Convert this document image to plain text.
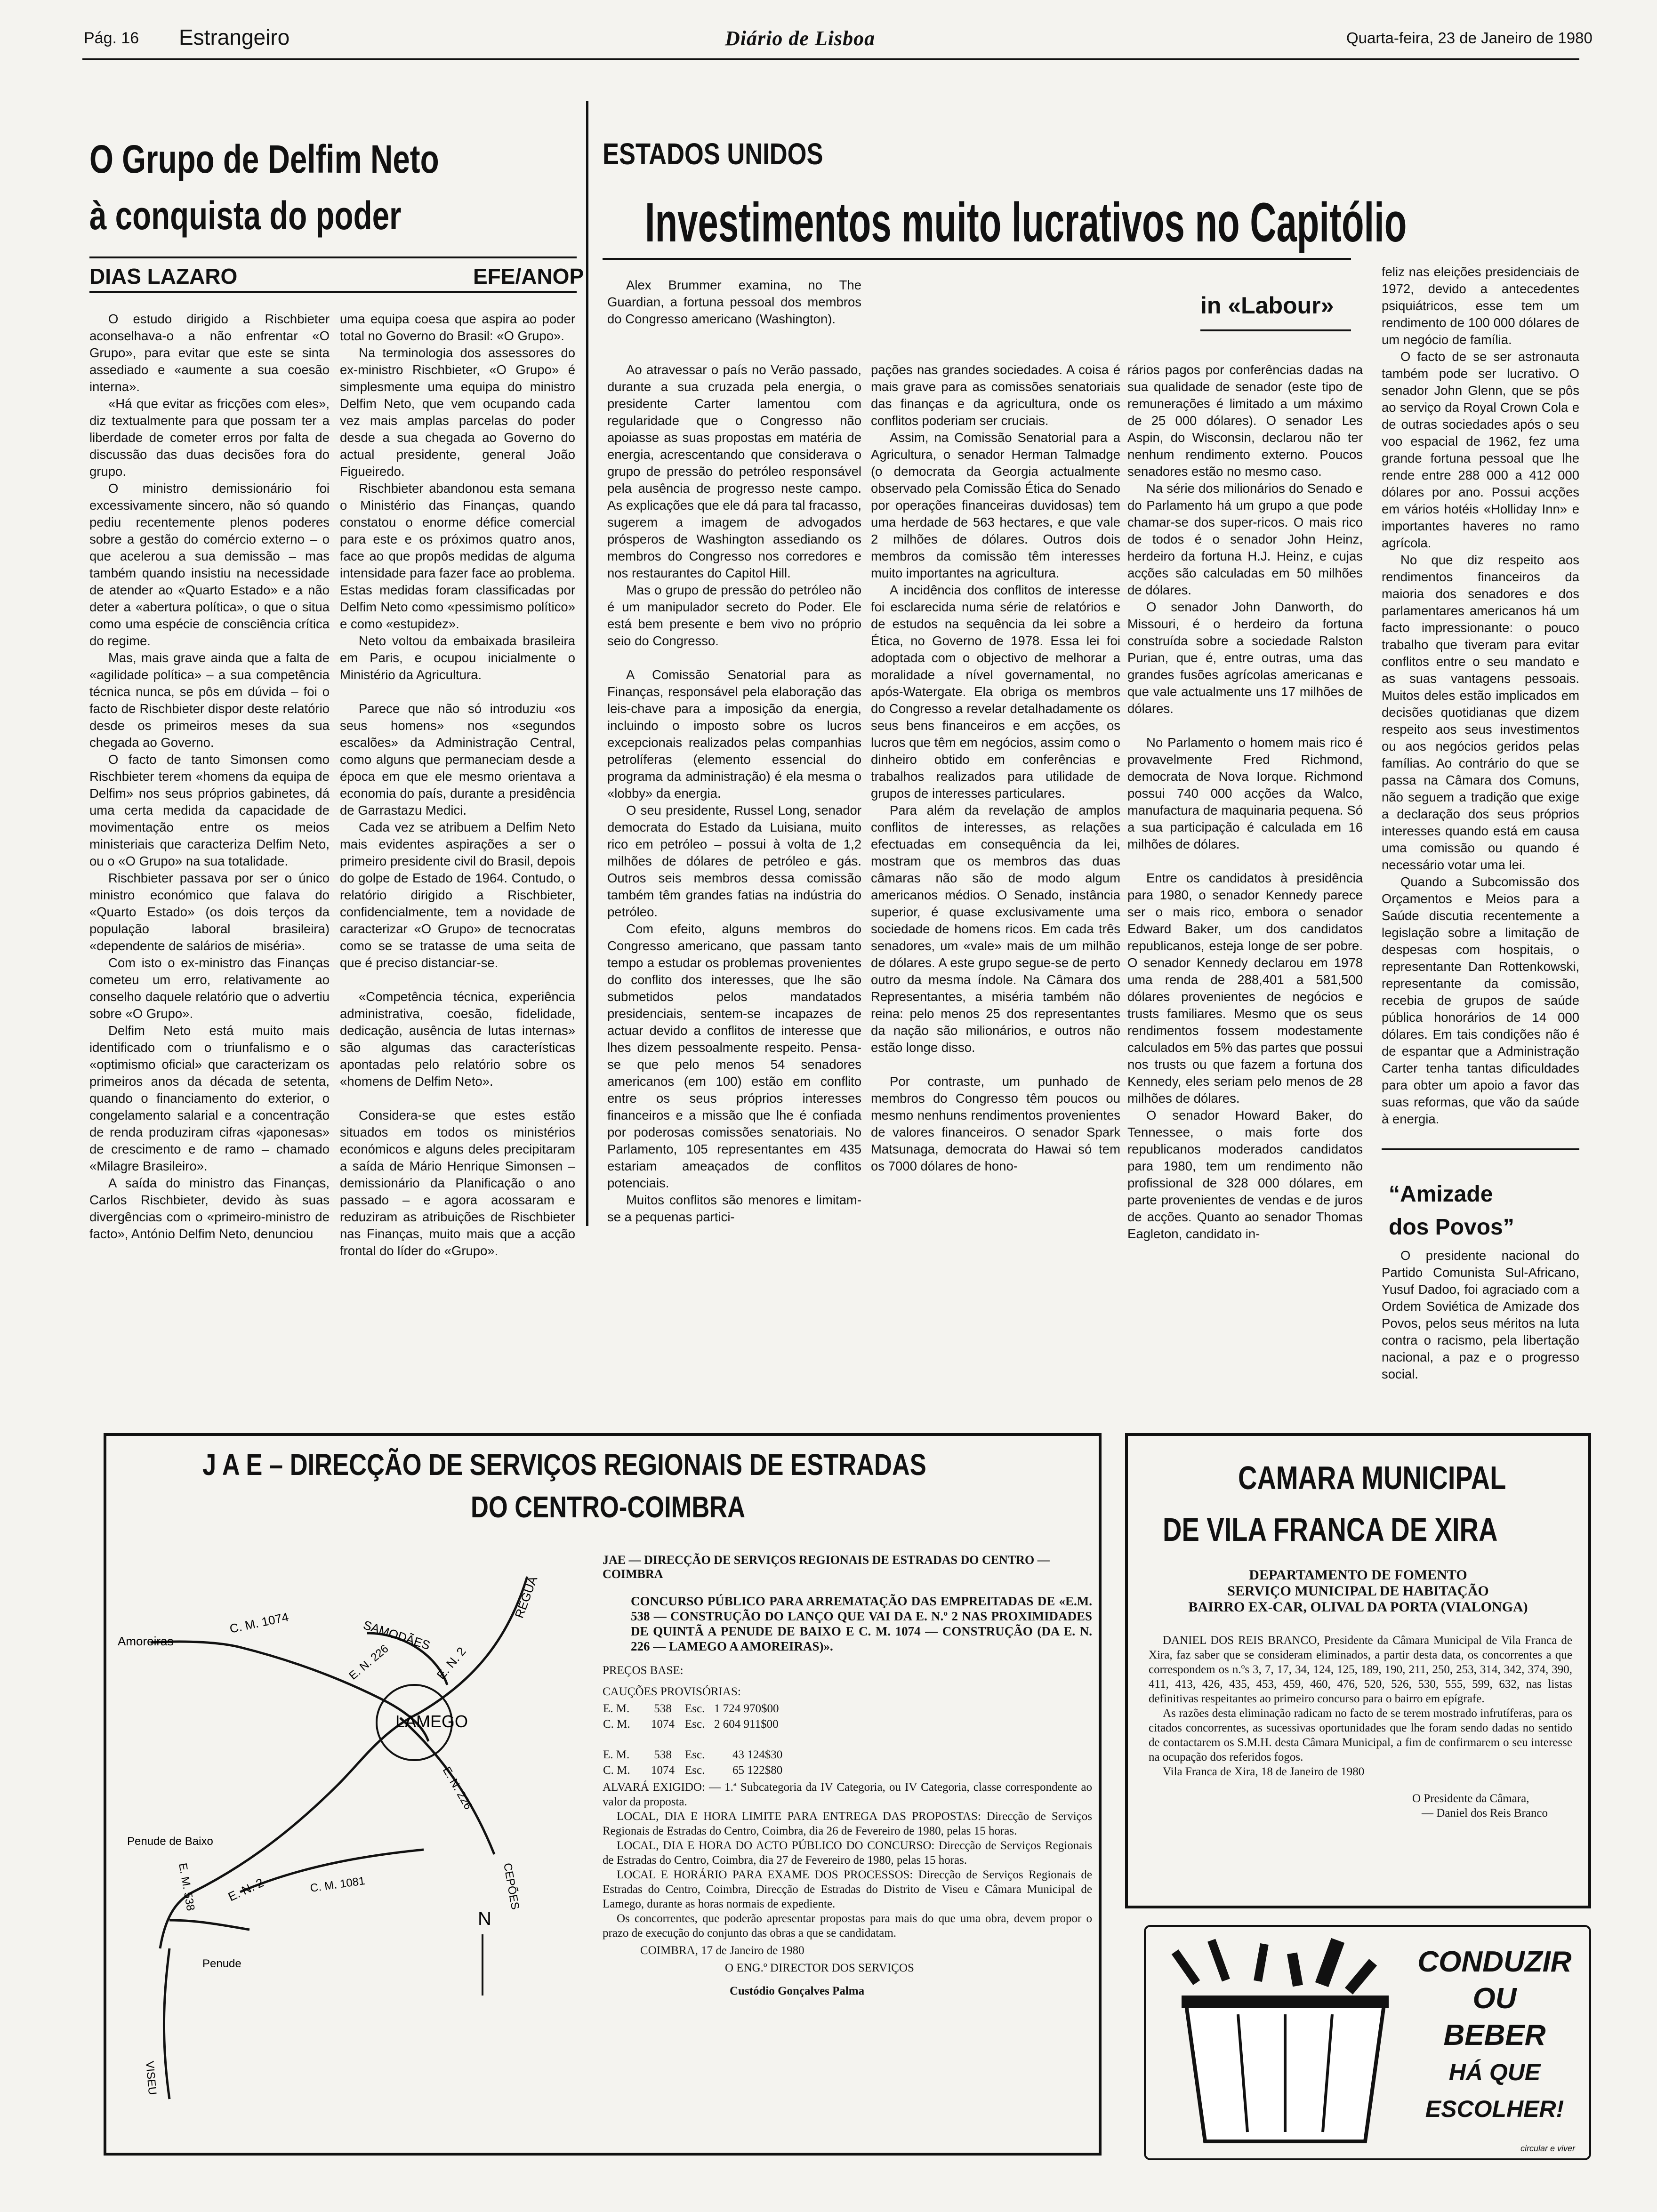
Pág. 16 Estrangeiro	Diário de Lisboa	Quarta-feira, 23 de Janeiro de 1980
O Grupo de Delfim Neto
à conquista do poder
DIAS LAZARO	EFE/ANOP

O estudo dirigido a Rischbieter aconselhava-o a não enfrentar «O Grupo», para evitar que este se sinta assediado e «aumente a sua coesão interna».

«Há que evitar as fricções com eles», diz textualmente para que possam ter a liberdade de cometer erros por falta de discussão das duas decisões fora do grupo.

O ministro demissionário foi excessivamente sincero, não só quando pediu recentemente plenos poderes sobre a gestão do comércio externo – o que acelerou a sua demissão – mas também quando insistiu na necessidade de atender ao «Quarto Estado» e a não deter a «abertura política», o que o situa como uma espécie de consciência crítica do regime.

Mas, mais grave ainda que a falta de «agilidade política» – a sua competência técnica nunca, se pôs em dúvida – foi o facto de Rischbieter dispor deste relatório desde os primeiros meses da sua chegada ao Governo.

O facto de tanto Simonsen como Rischbieter terem «homens da equipa de Delfim» nos seus próprios gabinetes, dá uma certa medida da capacidade de movimentação entre os meios ministeriais que caracteriza Delfim Neto, ou o «O Grupo» na sua totalidade.

Rischbieter passava por ser o único ministro económico que falava do «Quarto Estado» (os dois terços da população laboral brasileira) «dependente de salários de miséria».

Com isto o ex-ministro das Finanças cometeu um erro, relativamente ao conselho daquele relatório que o advertiu sobre «O Grupo».

Delfim Neto está muito mais identificado com o triunfalismo e o «optimismo oficial» que caracterizam os primeiros anos da década de setenta, quando o financiamento do exterior, o congelamento salarial e a concentração de renda produziram cifras «japonesas» de crescimento e de ramo – chamado «Milagre Brasileiro».

A saída do ministro das Finanças, Carlos Rischbieter, devido às suas divergências com o «primeiro-ministro de facto», António Delfim Neto, denunciou

uma equipa coesa que aspira ao poder total no Governo do Brasil: «O Grupo».

Na terminologia dos assessores do ex-ministro Rischbieter, «O Grupo» é simplesmente uma equipa do ministro Delfim Neto, que vem ocupando cada vez mais amplas parcelas do poder desde a sua chegada ao Governo do actual presidente, general João Figueiredo.

Rischbieter abandonou esta semana o Ministério das Finanças, quando constatou o enorme défice comercial para este e os próximos quatro anos, face ao que propôs medidas de alguma intensidade para fazer face ao problema. Estas medidas foram classificadas por Delfim Neto como «pessimismo político» e como «estupidez».

Neto voltou da embaixada brasileira em Paris, e ocupou inicialmente o Ministério da Agricultura.

Parece que não só introduziu «os seus homens» nos «segundos escalões» da Administração Central, como alguns que permaneciam desde a época em que ele mesmo orientava a economia do país, durante a presidência de Garrastazu Medici.

Cada vez se atribuem a Delfim Neto mais evidentes aspirações a ser o primeiro presidente civil do Brasil, depois do golpe de Estado de 1964. Contudo, o relatório dirigido a Rischbieter, confidencialmente, tem a novidade de caracterizar «O Grupo» de tecnocratas como se se tratasse de uma seita de que é preciso distanciar-se.

«Competência técnica, experiência administrativa, coesão, fidelidade, dedicação, ausência de lutas internas» são algumas das características apontadas pelo relatório sobre os «homens de Delfim Neto».

Considera-se que estes estão situados em todos os ministérios económicos e alguns deles precipitaram a saída de Mário Henrique Simonsen – demissionário da Planificação o ano passado – e agora acossaram e reduziram as atribuições de Rischbieter nas Finanças, muito mais que a acção frontal do líder do «Grupo».

ESTADOS UNIDOS
Investimentos muito lucrativos no Capitólio
in «Labour»

Alex Brummer examina, no The Guardian, a fortuna pessoal dos membros do Congresso americano (Washington).

Ao atravessar o país no Verão passado, durante a sua cruzada pela energia, o presidente Carter lamentou com regularidade que o Congresso não apoiasse as suas propostas em matéria de energia, acrescentando que considerava o grupo de pressão do petróleo responsável pela ausência de progresso neste campo. As explicações que ele dá para tal fracasso, sugerem a imagem de advogados prósperos de Washington assediando os membros do Congresso nos corredores e nos restaurantes do Capitol Hill.

Mas o grupo de pressão do petróleo não é um manipulador secreto do Poder. Ele está bem presente e bem vivo no próprio seio do Congresso.

A Comissão Senatorial para as Finanças, responsável pela elaboração das leis-chave para a imposição da energia, incluindo o imposto sobre os lucros excepcionais realizados pelas companhias petrolíferas (elemento essencial do programa da administração) é ela mesma o «lobby» da energia.

O seu presidente, Russel Long, senador democrata do Estado da Luisiana, muito rico em petróleo – possui à volta de 1,2 milhões de dólares de petróleo e gás. Outros seis membros dessa comissão também têm grandes fatias na indústria do petróleo.

Com efeito, alguns membros do Congresso americano, que passam tanto tempo a estudar os problemas provenientes do conflito dos interesses, que lhe são submetidos pelos mandatados presidenciais, sentem-se incapazes de actuar devido a conflitos de interesse que lhes dizem pessoalmente respeito. Pensa-se que pelo menos 54 senadores americanos (em 100) estão em conflito entre os seus próprios interesses financeiros e a missão que lhe é confiada por poderosas comissões senatoriais. No Parlamento, 105 representantes em 435 estariam ameaçados de conflitos potenciais.

Muitos conflitos são menores e limitam-se a pequenas partici-

pações nas grandes sociedades. A coisa é mais grave para as comissões senatoriais das finanças e da agricultura, onde os conflitos poderiam ser cruciais.

Assim, na Comissão Senatorial para a Agricultura, o senador Herman Talmadge (o democrata da Georgia actualmente observado pela Comissão Ética do Senado por operações financeiras duvidosas) tem uma herdade de 563 hectares, e que vale 2 milhões de dólares. Outros dois membros da comissão têm interesses muito importantes na agricultura.

A incidência dos conflitos de interesse foi esclarecida numa série de relatórios e de estudos na sequência da lei sobre a Ética, no Governo de 1978. Essa lei foi adoptada com o objectivo de melhorar a moralidade a nível governamental, no após-Watergate. Ela obriga os membros do Congresso a revelar detalhadamente os seus bens financeiros e em acções, os lucros que têm em negócios, assim como o dinheiro obtido em conferências e trabalhos realizados para utilidade de grupos de interesses particulares.

Para além da revelação de amplos conflitos de interesses, as relações efectuadas em consequência da lei, mostram que os membros das duas câmaras não são de modo algum americanos médios. O Senado, instância superior, é quase exclusivamente uma sociedade de homens ricos. Em cada três senadores, um «vale» mais de um milhão de dólares. A este grupo segue-se de perto outro da mesma índole. Na Câmara dos Representantes, a miséria também não reina: pelo menos 25 dos representantes da nação são milionários, e outros não estão longe disso.

Por contraste, um punhado de membros do Congresso têm poucos ou mesmo nenhuns rendimentos provenientes de valores financeiros. O senador Spark Matsunaga, democrata do Hawai só tem os 7000 dólares de hono-

rários pagos por conferências dadas na sua qualidade de senador (este tipo de remunerações é limitado a um máximo de 25 000 dólares). O senador Les Aspin, do Wisconsin, declarou não ter nenhum rendimento externo. Poucos senadores estão no mesmo caso.

Na série dos milionários do Senado e do Parlamento há um grupo a que pode chamar-se dos super-ricos. O mais rico de todos é o senador John Heinz, herdeiro da fortuna H.J. Heinz, e cujas acções são calculadas em 50 milhões de dólares.

O senador John Danworth, do Missouri, é o herdeiro da fortuna construída sobre a sociedade Ralston Purian, que é, entre outras, uma das grandes fusões agrícolas americanas e que vale actualmente uns 17 milhões de dólares.

No Parlamento o homem mais rico é provavelmente Fred Richmond, democrata de Nova Iorque. Richmond possui 740 000 acções da Walco, manufactura de maquinaria pequena. Só a sua participação é calculada em 16 milhões de dólares.

Entre os candidatos à presidência para 1980, o senador Kennedy parece ser o mais rico, embora o senador Edward Baker, um dos candidatos republicanos, esteja longe de ser pobre. O senador Kennedy declarou em 1978 uma renda de 288,401 a 581,500 dólares provenientes de negócios e trusts familiares. Mesmo que os seus rendimentos fossem modestamente calculados em 5% das partes que possui nos trusts ou que fazem a fortuna dos Kennedy, eles seriam pelo menos de 28 milhões de dólares.

O senador Howard Baker, do Tennessee, o mais forte dos republicanos moderados candidatos para 1980, tem um rendimento não profissional de 328 000 dólares, em parte provenientes de vendas e de juros de acções. Quanto ao senador Thomas Eagleton, candidato in-

feliz nas eleições presidenciais de 1972, devido a antecedentes psiquiátricos, esse tem um rendimento de 100 000 dólares de um negócio de família.

O facto de se ser astronauta também pode ser lucrativo. O senador John Glenn, que se pôs ao serviço da Royal Crown Cola e de outras sociedades após o seu voo espacial de 1962, fez uma grande fortuna pessoal que lhe rende entre 288 000 a 412 000 dólares por ano. Possui acções em vários hotéis «Holliday Inn» e importantes haveres no ramo agrícola.

No que diz respeito aos rendimentos financeiros da maioria dos senadores e dos parlamentares americanos há um facto impressionante: o pouco trabalho que tiveram para evitar conflitos entre o seu mandato e as suas vantagens pessoais. Muitos deles estão implicados em decisões quotidianas que dizem respeito aos seus investimentos ou aos negócios geridos pelas famílias. Ao contrário do que se passa na Câmara dos Comuns, não seguem a tradição que exige a declaração dos seus próprios interesses quando está em causa uma comissão ou quando é necessário votar uma lei.

Quando a Subcomissão dos Orçamentos e Meios para a Saúde discutia recentemente a legislação sobre a limitação de despesas com hospitais, o representante Dan Rottenkowski, representante da comissão, recebia de grupos de saúde pública honorários de 14 000 dólares. Em tais condições não é de espantar que a Administração Carter tenha tantas dificuldades para obter um apoio a favor das suas reformas, que vão da saúde à energia.

“Amizade
dos Povos”

O presidente nacional do Partido Comunista Sul-Africano, Yusuf Dadoo, foi agraciado com a Ordem Soviética de Amizade dos Povos, pelos seus méritos na luta contra o racismo, pela libertação nacional, a paz e o progresso social.

J A E – DIRECÇÃO DE SERVIÇOS REGIONAIS DE ESTRADAS
DO CENTRO-COIMBRA
SAMODÃES
RÉGUA
Amoreiras
C. M. 1074
E. N. 226	E. N. 2
LAMEGO
E. N. 226
Penude de Baixo
CEPÕES
E. M. 538 E. N. 2	C. M. 1081
Penude
N
VISEU
JAE — DIRECÇÃO DE SERVIÇOS REGIONAIS DE ESTRADAS DO CENTRO — COIMBRA
CONCURSO PÚBLICO PARA ARREMATAÇÃO DAS EMPREITADAS DE «E.M. 538 — CONSTRUÇÃO DO LANÇO QUE VAI DA E. N.º 2 NAS PROXIMIDADES DE QUINTÃ A PENUDE DE BAIXO E C. M. 1074 — CONSTRUÇÃO (DA E. N. 226 — LAMEGO A AMOREIRAS)».
PREÇOS BASE:
CAUÇÕES PROVISÓRIAS:
E. M.	538	Esc.	1 724 970$00
C. M.	1074	Esc.	2 604 911$00

E. M.	538	Esc.	43 124$30
C. M.	1074	Esc.	65 122$80

ALVARÁ EXIGIDO: — 1.ª Subcategoria da IV Categoria, ou IV Categoria, classe correspondente ao valor da proposta.

LOCAL, DIA E HORA LIMITE PARA ENTREGA DAS PROPOSTAS: Direcção de Serviços Regionais de Estradas do Centro, Coimbra, dia 26 de Fevereiro de 1980, pelas 15 horas.

LOCAL, DIA E HORA DO ACTO PÚBLICO DO CONCURSO: Direcção de Serviços Regionais de Estradas do Centro, Coimbra, dia 27 de Fevereiro de 1980, pelas 15 horas.

LOCAL E HORÁRIO PARA EXAME DOS PROCESSOS: Direcção de Serviços Regionais de Estradas do Centro, Coimbra, Direcção de Estradas do Distrito de Viseu e Câmara Municipal de Lamego, durante as horas normais de expediente.

Os concorrentes, que poderão apresentar propostas para mais do que uma obra, devem propor o prazo de execução do conjunto das obras a que se candidatam.

COIMBRA, 17 de Janeiro de 1980
O ENG.º DIRECTOR DOS SERVIÇOS
Custódio Gonçalves Palma
CAMARA MUNICIPAL
DE VILA FRANCA DE XIRA
DEPARTAMENTO DE FOMENTO
SERVIÇO MUNICIPAL DE HABITAÇÃO
BAIRRO EX-CAR, OLIVAL DA PORTA (VIALONGA)

DANIEL DOS REIS BRANCO, Presidente da Câmara Municipal de Vila Franca de Xira, faz saber que se consideram eliminados, a partir desta data, os concorrentes a que correspondem os n.ºs 3, 7, 17, 34, 124, 125, 189, 190, 211, 250, 253, 314, 342, 374, 390, 411, 413, 426, 435, 453, 459, 460, 476, 520, 526, 530, 555, 599, 632, nas listas definitivas respeitantes ao primeiro concurso para o bairro em epígrafe.

As razões desta eliminação radicam no facto de se terem mostrado infrutíferas, para os citados concorrentes, as sucessivas oportunidades que lhe foram sendo dadas no sentido de contactarem os S.M.H. desta Câmara Municipal, a fim de confirmarem o seu interesse na ocupação dos referidos fogos.

Vila Franca de Xira, 18 de Janeiro de 1980

O Presidente da Câmara,
— Daniel dos Reis Branco
CONDUZIR
OU
BEBER
HÁ QUE ESCOLHER!
circular e viver
